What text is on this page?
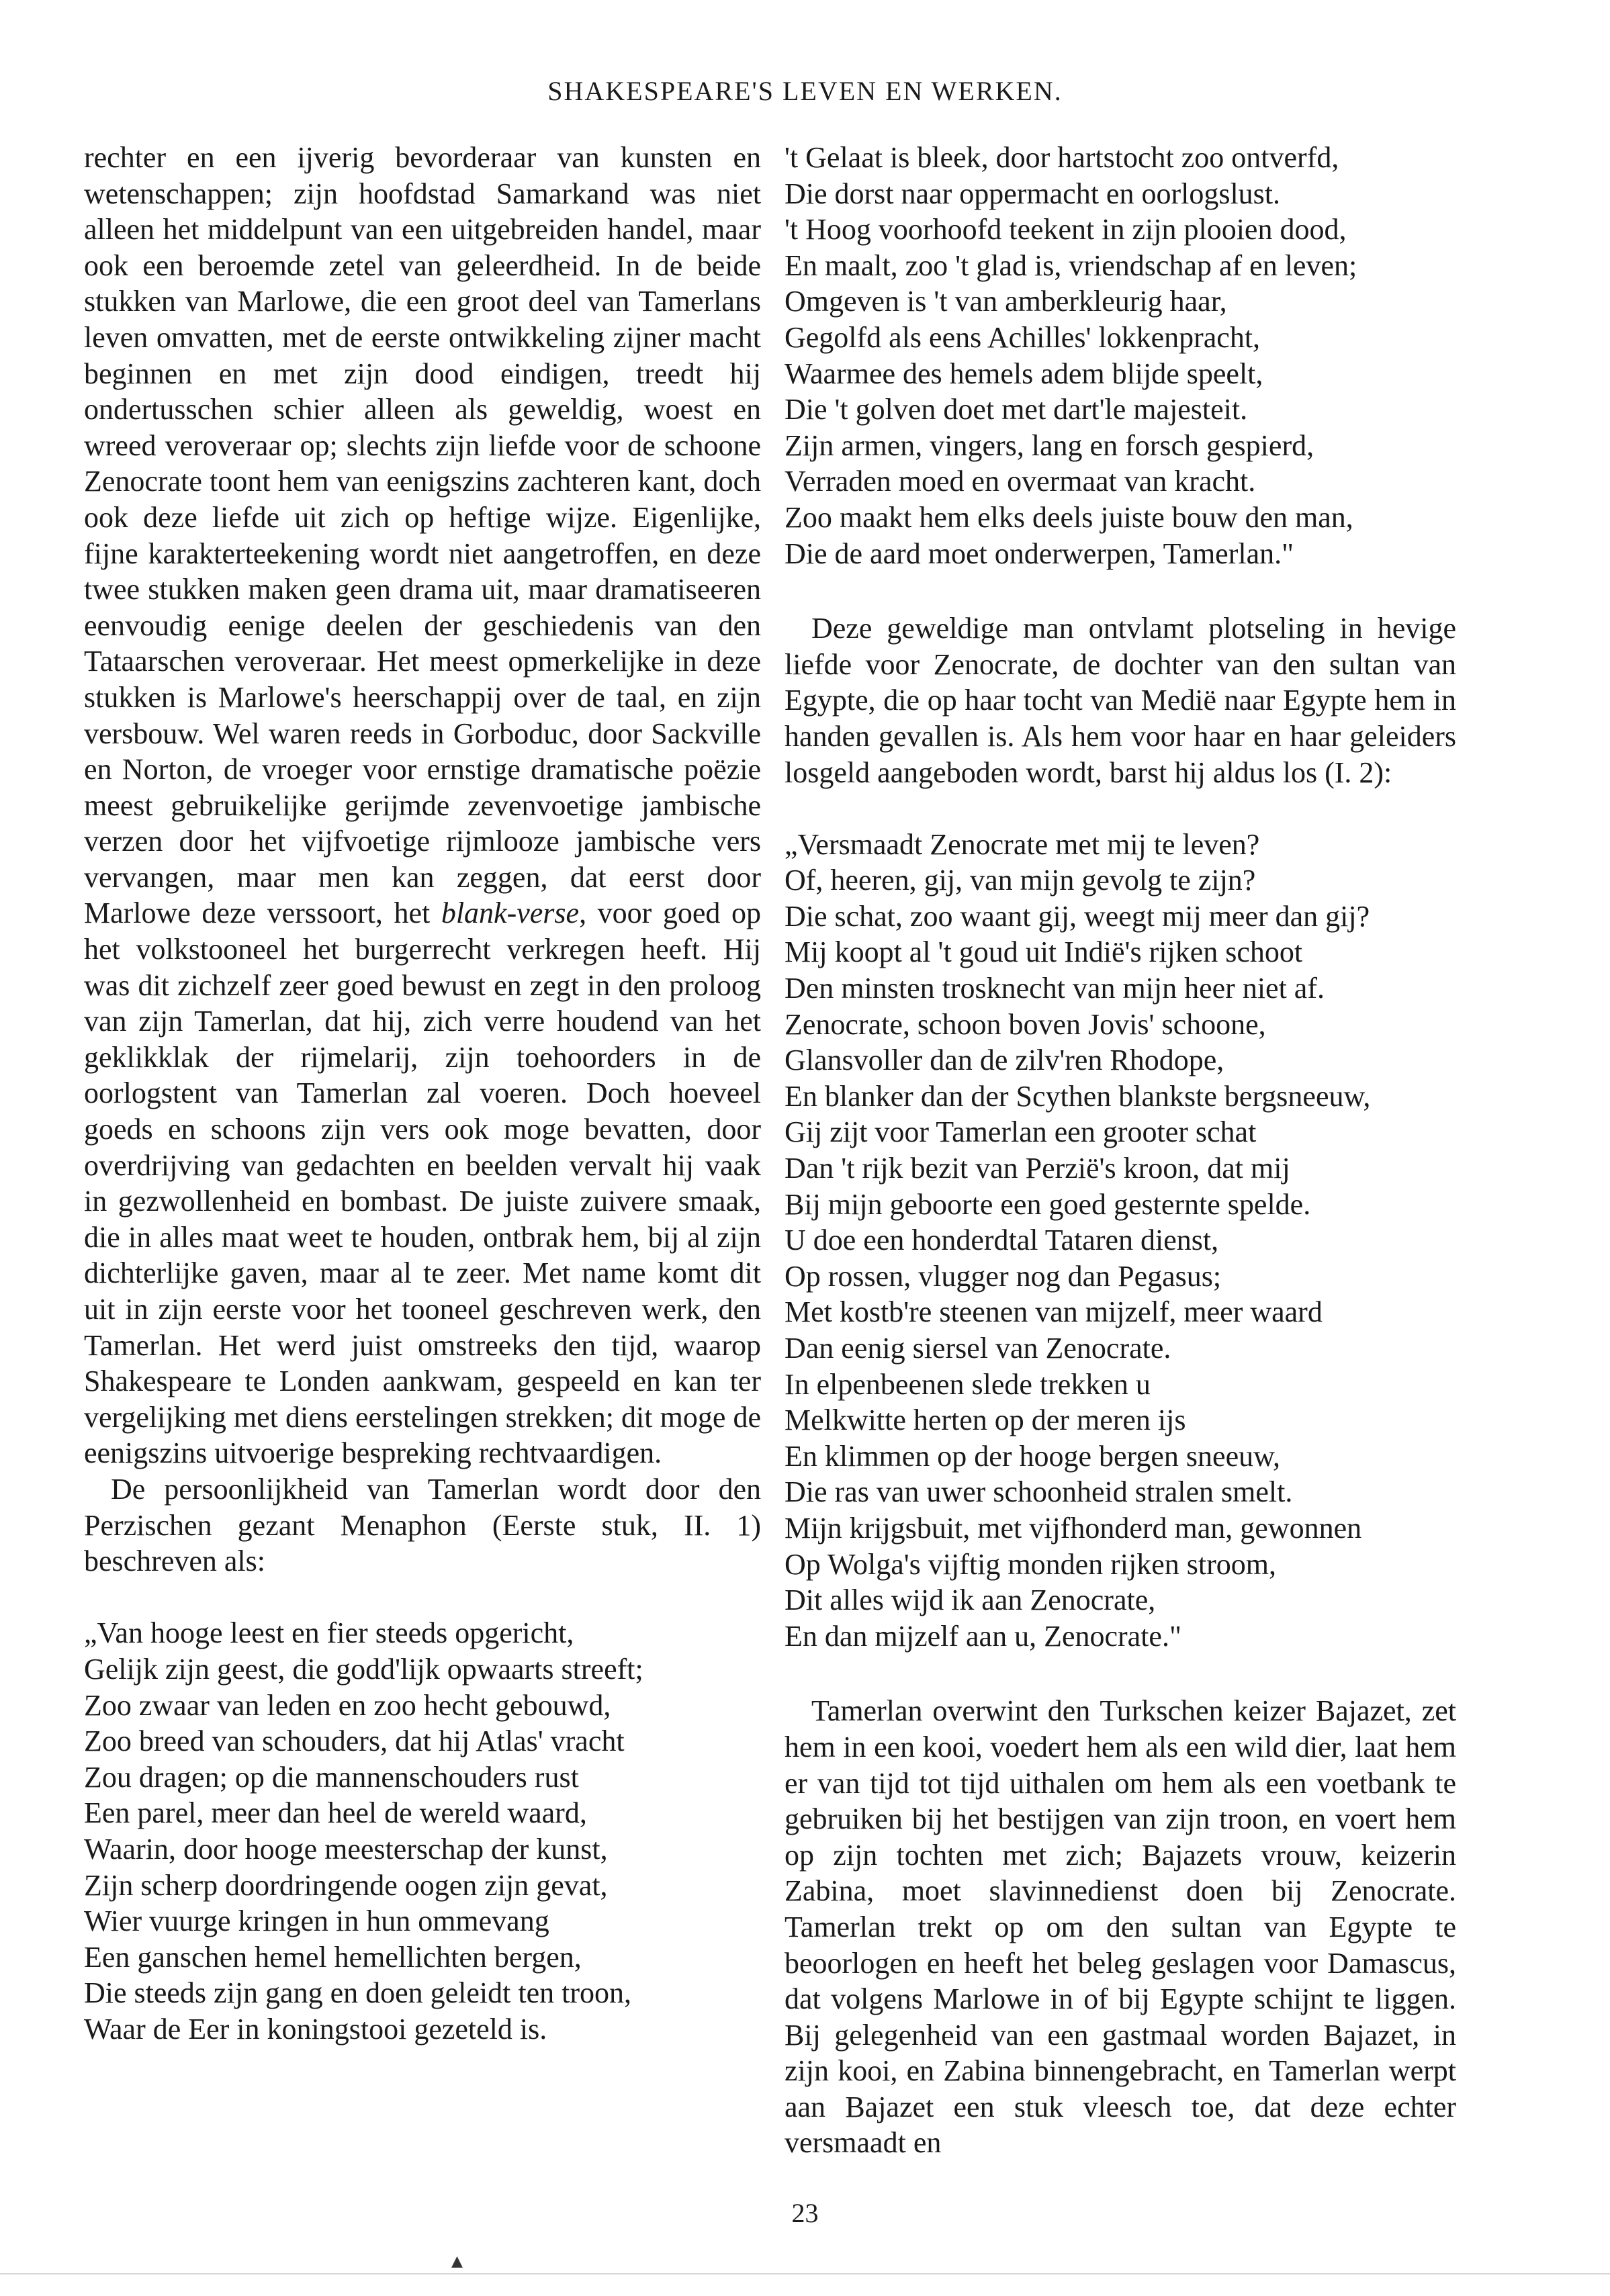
SHAKESPEARE'S LEVEN EN WERKEN.

rechter en een ijverig bevorderaar van kunsten en wetenschappen; zijn hoofdstad Samarkand was niet alleen het middelpunt van een uitgebreiden handel, maar ook een beroemde zetel van geleerdheid. In de beide stukken van Marlowe, die een groot deel van Tamerlans leven omvatten, met de eerste ontwikkeling zijner macht beginnen en met zijn dood eindigen, treedt hij ondertusschen schier alleen als geweldig, woest en wreed veroveraar op; slechts zijn liefde voor de schoone Zenocrate toont hem van eenigszins zachteren kant, doch ook deze liefde uit zich op heftige wijze. Eigenlijke, fijne karakterteekening wordt niet aangetroffen, en deze twee stukken maken geen drama uit, maar dramatiseeren eenvoudig eenige deelen der geschiedenis van den Tataarschen veroveraar. Het meest opmerkelijke in deze stukken is Marlowe's heerschappij over de taal, en zijn versbouw. Wel waren reeds in Gorboduc, door Sackville en Norton, de vroeger voor ernstige dramatische poëzie meest gebruikelijke gerijmde zevenvoetige jambische verzen door het vijfvoetige rijmlooze jambische vers vervangen, maar men kan zeggen, dat eerst door Marlowe deze verssoort, het blank-verse, voor goed op het volkstooneel het burgerrecht verkregen heeft. Hij was dit zichzelf zeer goed bewust en zegt in den proloog van zijn Tamerlan, dat hij, zich verre houdend van het geklikklak der rijmelarij, zijn toehoorders in de oorlogstent van Tamerlan zal voeren. Doch hoeveel goeds en schoons zijn vers ook moge bevatten, door overdrijving van gedachten en beelden vervalt hij vaak in gezwollenheid en bombast. De juiste zuivere smaak, die in alles maat weet te houden, ontbrak hem, bij al zijn dichterlijke gaven, maar al te zeer. Met name komt dit uit in zijn eerste voor het tooneel geschreven werk, den Tamerlan. Het werd juist omstreeks den tijd, waarop Shakespeare te Londen aankwam, gespeeld en kan ter vergelijking met diens eerstelingen strekken; dit moge de eenigszins uitvoerige bespreking rechtvaardigen.

De persoonlijkheid van Tamerlan wordt door den Perzischen gezant Menaphon (Eerste stuk, II. 1) beschreven als:

„Van hooge leest en fier steeds opgericht,
Gelijk zijn geest, die godd'lijk opwaarts streeft;
Zoo zwaar van leden en zoo hecht gebouwd,
Zoo breed van schouders, dat hij Atlas' vracht
Zou dragen; op die mannenschouders rust
Een parel, meer dan heel de wereld waard,
Waarin, door hooge meesterschap der kunst,
Zijn scherp doordringende oogen zijn gevat,
Wier vuurge kringen in hun ommevang
Een ganschen hemel hemellichten bergen,
Die steeds zijn gang en doen geleidt ten troon,
Waar de Eer in koningstooi gezeteld is.
't Gelaat is bleek, door hartstocht zoo ontverfd,
Die dorst naar oppermacht en oorlogslust.
't Hoog voorhoofd teekent in zijn plooien dood,
En maalt, zoo 't glad is, vriendschap af en leven;
Omgeven is 't van amberkleurig haar,
Gegolfd als eens Achilles' lokkenpracht,
Waarmee des hemels adem blijde speelt,
Die 't golven doet met dart'le majesteit.
Zijn armen, vingers, lang en forsch gespierd,
Verraden moed en overmaat van kracht.
Zoo maakt hem elks deels juiste bouw den man,
Die de aard moet onderwerpen, Tamerlan."

Deze geweldige man ontvlamt plotseling in hevige liefde voor Zenocrate, de dochter van den sultan van Egypte, die op haar tocht van Medië naar Egypte hem in handen gevallen is. Als hem voor haar en haar geleiders losgeld aangeboden wordt, barst hij aldus los (I. 2):

„Versmaadt Zenocrate met mij te leven?
Of, heeren, gij, van mijn gevolg te zijn?
Die schat, zoo waant gij, weegt mij meer dan gij?
Mij koopt al 't goud uit Indië's rijken schoot
Den minsten trosknecht van mijn heer niet af.
Zenocrate, schoon boven Jovis' schoone,
Glansvoller dan de zilv'ren Rhodope,
En blanker dan der Scythen blankste bergsneeuw,
Gij zijt voor Tamerlan een grooter schat
Dan 't rijk bezit van Perzië's kroon, dat mij
Bij mijn geboorte een goed gesternte spelde.
U doe een honderdtal Tataren dienst,
Op rossen, vlugger nog dan Pegasus;
Met kostb're steenen van mijzelf, meer waard
Dan eenig siersel van Zenocrate.
In elpenbeenen slede trekken u
Melkwitte herten op der meren ijs
En klimmen op der hooge bergen sneeuw,
Die ras van uwer schoonheid stralen smelt.
Mijn krijgsbuit, met vijfhonderd man, gewonnen
Op Wolga's vijftig monden rijken stroom,
Dit alles wijd ik aan Zenocrate,
En dan mijzelf aan u, Zenocrate."

Tamerlan overwint den Turkschen keizer Bajazet, zet hem in een kooi, voedert hem als een wild dier, laat hem er van tijd tot tijd uithalen om hem als een voetbank te gebruiken bij het bestijgen van zijn troon, en voert hem op zijn tochten met zich; Bajazets vrouw, keizerin Zabina, moet slavinnedienst doen bij Zenocrate. Tamerlan trekt op om den sultan van Egypte te beoorlogen en heeft het beleg geslagen voor Damascus, dat volgens Marlowe in of bij Egypte schijnt te liggen. Bij gelegenheid van een gastmaal worden Bajazet, in zijn kooi, en Zabina binnengebracht, en Tamerlan werpt aan Bajazet een stuk vleesch toe, dat deze echter versmaadt en

23
▲
